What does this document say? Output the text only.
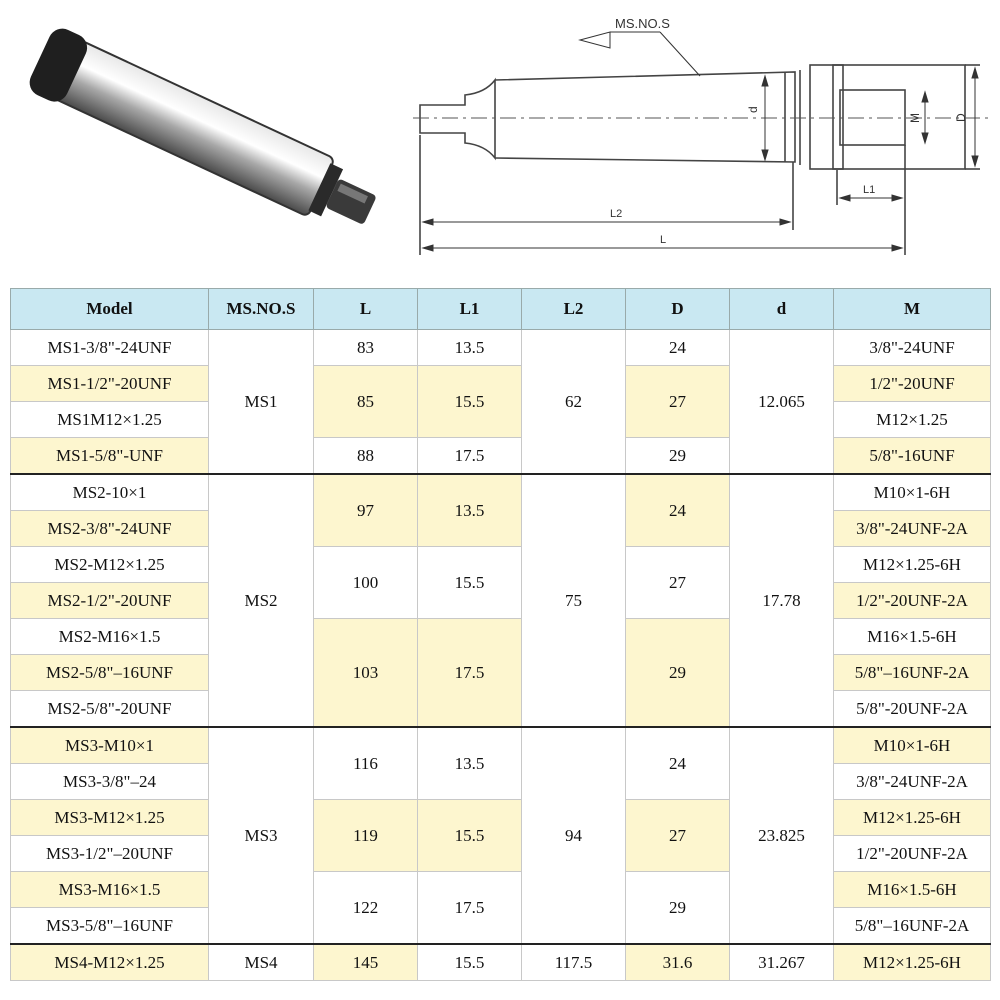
MS.NO.S
d
M	D
L1
L2
L
Model	MS.NO.S	L	L1	L2	D	d	M
MS1-3/8"-24UNF	MS1	83	13.5	62	24	12.065	3/8"-24UNF
MS1-1/2"-20UNF		85	15.5		27		1/2"-20UNF
MS1M12×1.25							M12×1.25
MS1-5/8"-UNF		88	17.5		29		5/8"-16UNF
MS2-10×1	MS2	97	13.5	75	24	17.78	M10×1-6H
MS2-3/8"-24UNF							3/8"-24UNF-2A
MS2-M12×1.25		100	15.5		27		M12×1.25-6H
MS2-1/2"-20UNF							1/2"-20UNF-2A
MS2-M16×1.5		103	17.5		29		M16×1.5-6H
MS2-5/8"–16UNF							5/8"–16UNF-2A
MS2-5/8"-20UNF							5/8"-20UNF-2A
MS3-M10×1	MS3	116	13.5	94	24	23.825	M10×1-6H
MS3-3/8"–24							3/8"-24UNF-2A
MS3-M12×1.25		119	15.5		27		M12×1.25-6H
MS3-1/2"–20UNF							1/2"-20UNF-2A
MS3-M16×1.5		122	17.5		29		M16×1.5-6H
MS3-5/8"–16UNF							5/8"–16UNF-2A
MS4-M12×1.25	MS4	145	15.5	117.5	31.6	31.267	M12×1.25-6H
